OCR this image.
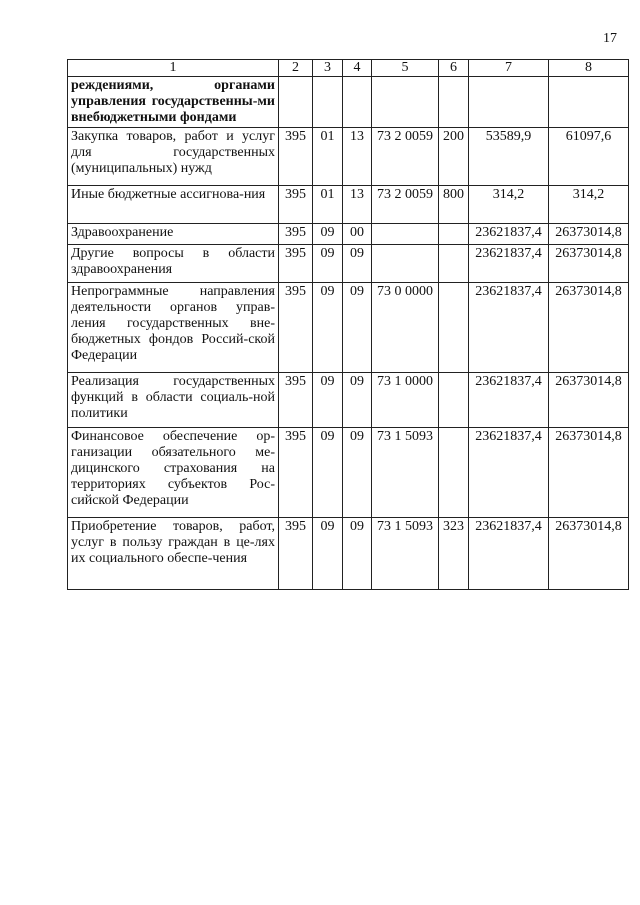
17
1	2	3	4	5	6	7	8
реждениями, органами управления государственны-ми внебюджетными фондами							
Закупка товаров, работ и услуг для государственных (муниципальных) нужд	395	01	13	73 2 0059	200	53589,9	61097,6
Иные бюджетные ассигнова-ния	395	01	13	73 2 0059	800	314,2	314,2
Здравоохранение	395	09	00			23621837,4	26373014,8
Другие вопросы в области здравоохранения	395	09	09			23621837,4	26373014,8
Непрограммные направления деятельности органов управ-ления государственных вне-бюджетных фондов Россий-ской Федерации	395	09	09	73 0 0000		23621837,4	26373014,8
Реализация государственных функций в области социаль-ной политики	395	09	09	73 1 0000		23621837,4	26373014,8
Финансовое обеспечение ор-ганизации обязательного ме-дицинского страхования на территориях субъектов Рос-сийской Федерации	395	09	09	73 1 5093		23621837,4	26373014,8
Приобретение товаров, работ, услуг в пользу граждан в це-лях их социального обеспе-чения	395	09	09	73 1 5093	323	23621837,4	26373014,8
